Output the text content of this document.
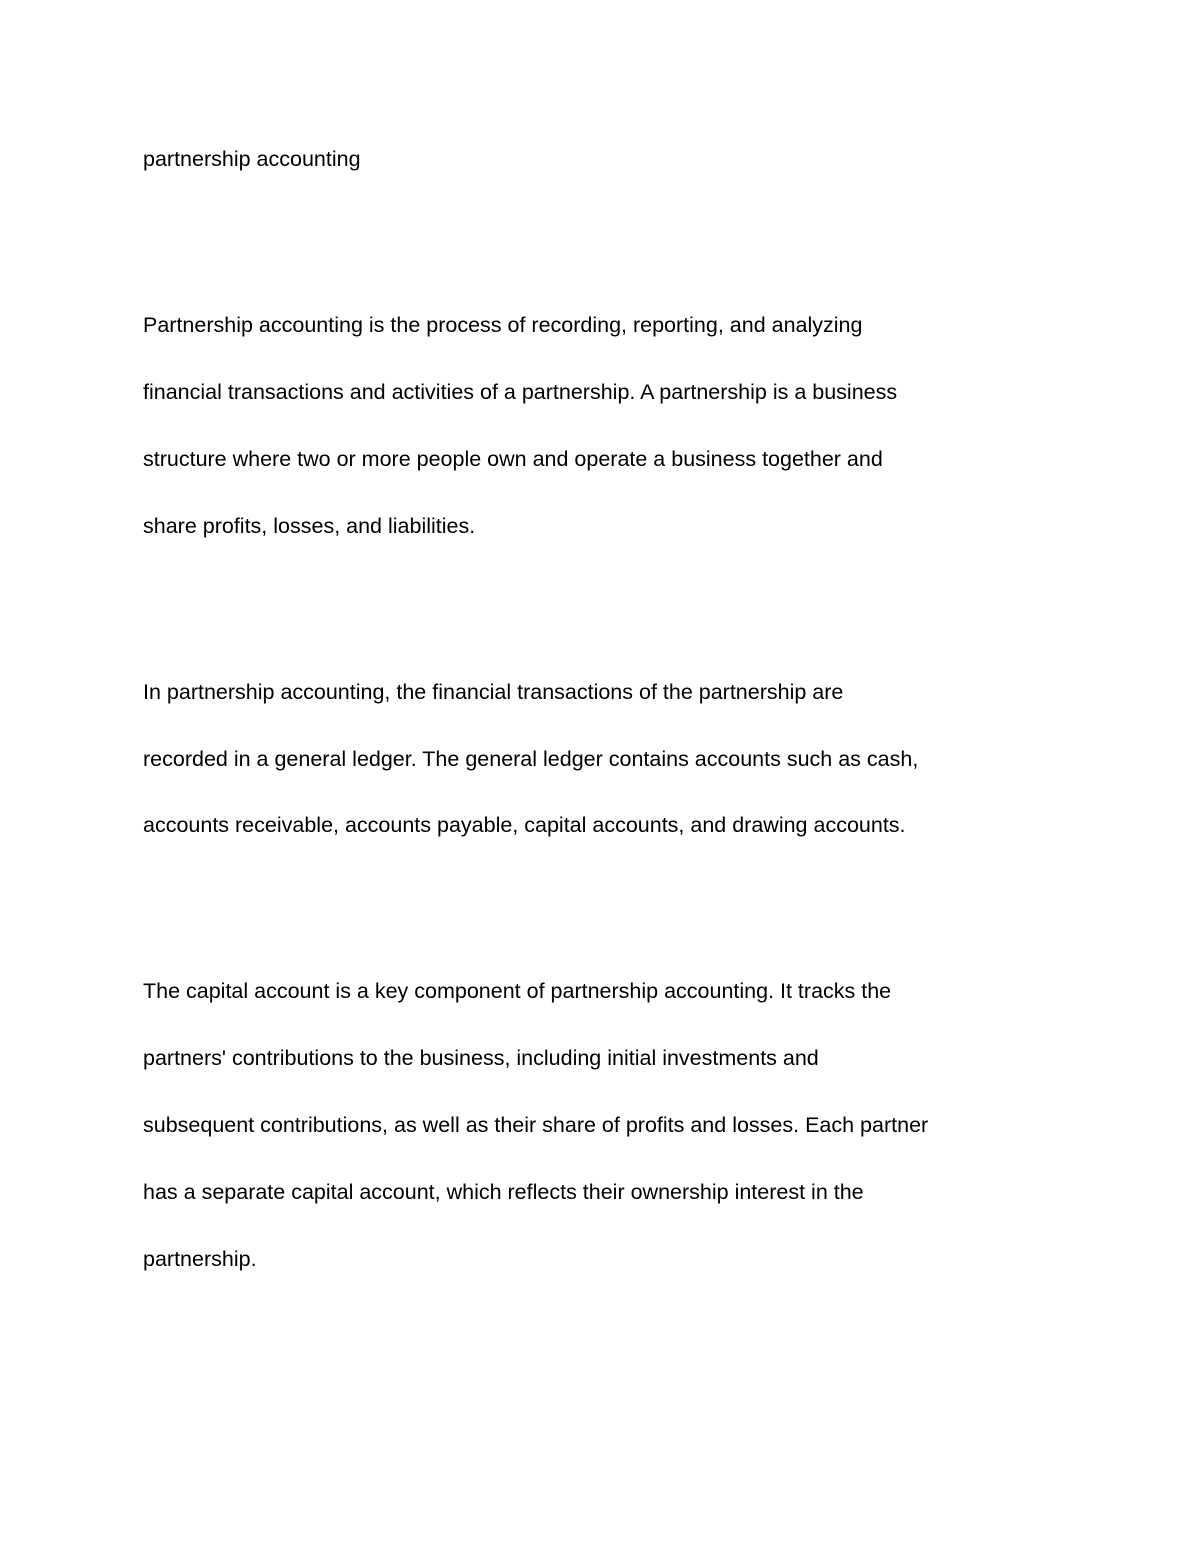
partnership accounting
Partnership accounting is the process of recording, reporting, and analyzing
financial transactions and activities of a partnership. A partnership is a business
structure where two or more people own and operate a business together and
share profits, losses, and liabilities.
In partnership accounting, the financial transactions of the partnership are
recorded in a general ledger. The general ledger contains accounts such as cash,
accounts receivable, accounts payable, capital accounts, and drawing accounts.
The capital account is a key component of partnership accounting. It tracks the
partners' contributions to the business, including initial investments and
subsequent contributions, as well as their share of profits and losses. Each partner
has a separate capital account, which reflects their ownership interest in the
partnership.
